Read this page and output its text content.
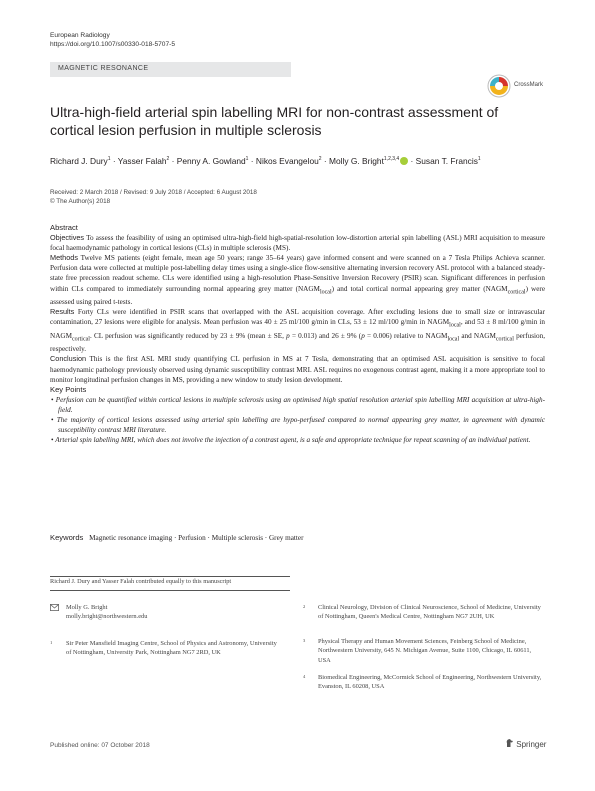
European Radiology
https://doi.org/10.1007/s00330-018-5707-5
MAGNETIC RESONANCE
CrossMark
Ultra-high-field arterial spin labelling MRI for non-contrast assessment of cortical lesion perfusion in multiple sclerosis
Richard J. Dury$^1$ · Yasser Falah$^2$ · Penny A. Gowland$^1$ · Nikos Evangelou$^2$ · Molly G. Bright$^{1,2,3,4}$ · Susan T. Francis$^1$
Received: 2 March 2018 / Revised: 9 July 2018 / Accepted: 6 August 2018
© The Author(s) 2018
Abstract

Objectives To assess the feasibility of using an optimised ultra-high-field high-spatial-resolution low-distortion arterial spin labelling (ASL) MRI acquisition to measure focal haemodynamic pathology in cortical lesions (CLs) in multiple sclerosis (MS).

Methods Twelve MS patients (eight female, mean age 50 years; range 35–64 years) gave informed consent and were scanned on a 7 Tesla Philips Achieva scanner. Perfusion data were collected at multiple post-labelling delay times using a single-slice flow-sensitive alternating inversion recovery ASL protocol with a balanced steady-state free precession readout scheme. CLs were identified using a high-resolution Phase-Sensitive Inversion Recovery (PSIR) scan. Significant differences in perfusion within CLs compared to immediately surrounding normal appearing grey matter $(NAGM_{local})$ and total cortical normal appearing grey matter $(NAGM_{cortical})$ were assessed using paired t-tests.

Results Forty CLs were identified in PSIR scans that overlapped with the ASL acquisition coverage. After excluding lesions due to small size or intravascular contamination, 27 lesions were eligible for analysis. Mean perfusion was 40 ± 25 ml/100 g/min in CLs, 53 ± 12 ml/100 g/min in $NAGM_{local}$, and 53 ± 8 ml/100 g/min in $NAGM_{cortical}$. CL perfusion was significantly reduced by 23 ± 9% (mean ± SE, p = 0.013) and 26 ± 9% (p = 0.006) relative to $NAGM_{local}$ and $NAGM_{cortical}$ perfusion, respectively.

Conclusion This is the first ASL MRI study quantifying CL perfusion in MS at 7 Tesla, demonstrating that an optimised ASL acquisition is sensitive to focal haemodynamic pathology previously observed using dynamic susceptibility contrast MRI. ASL requires no exogenous contrast agent, making it a more appropriate tool to monitor longitudinal perfusion changes in MS, providing a new window to study lesion development.

Key Points
• Perfusion can be quantified within cortical lesions in multiple sclerosis using an optimised high spatial resolution arterial spin labelling MRI acquisition at ultra-high-field.
• The majority of cortical lesions assessed using arterial spin labelling are hypo-perfused compared to normal appearing grey matter, in agreement with dynamic susceptibility contrast MRI literature.
• Arterial spin labelling MRI, which does not involve the injection of a contrast agent, is a safe and appropriate technique for repeat scanning of an individual patient.
Keywords Magnetic resonance imaging · Perfusion · Multiple sclerosis · Grey matter
Richard J. Dury and Yasser Falah contributed equally to this manuscript
Molly G. Bright
molly.bright@northwestern.edu
1	Sir Peter Mansfield Imaging Centre, School of Physics and Astronomy, University of Nottingham, University Park, Nottingham NG7 2RD, UK
2	Clinical Neurology, Division of Clinical Neuroscience, School of Medicine, University of Nottingham, Queen's Medical Centre, Nottingham NG7 2UH, UK
3	Physical Therapy and Human Movement Sciences, Feinberg School of Medicine, Northwestern University, 645 N. Michigan Avenue, Suite 1100, Chicago, IL 60611, USA
4	Biomedical Engineering, McCormick School of Engineering, Northwestern University, Evanston, IL 60208, USA
Published online: 07 October 2018	Springer
